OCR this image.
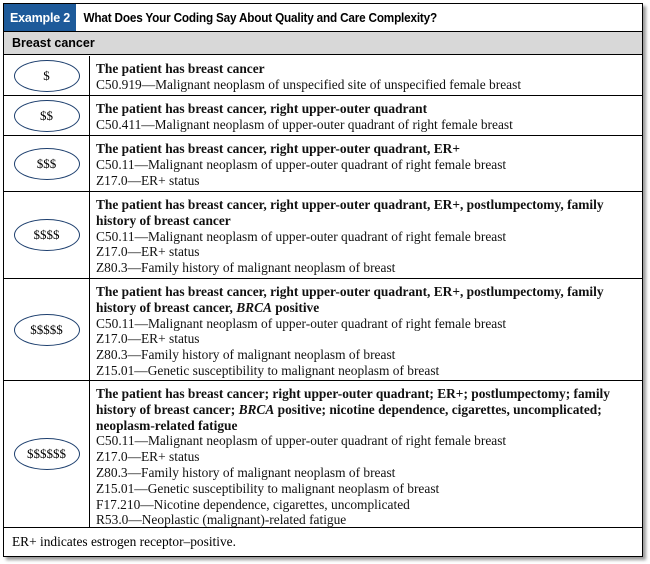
Example 2	What Does Your Coding Say About Quality and Care Complexity?
Breast cancer
$	The patient has breast cancer
C50.919—Malignant neoplasm of unspecified site of unspecified female breast
$$	The patient has breast cancer, right upper-outer quadrant
C50.411—Malignant neoplasm of upper-outer quadrant of right female breast
$$$
The patient has breast cancer, right upper-outer quadrant, ER+
C50.11—Malignant neoplasm of upper-outer quadrant of right female breast
Z17.0—ER+ status
$$$$
The patient has breast cancer, right upper-outer quadrant, ER+, postlumpectomy, family history of breast cancer
C50.11—Malignant neoplasm of upper-outer quadrant of right female breast
Z17.0—ER+ status
Z80.3—Family history of malignant neoplasm of breast
$$$$$
The patient has breast cancer, right upper-outer quadrant, ER+, postlumpectomy, family history of breast cancer, BRCA positive
C50.11—Malignant neoplasm of upper-outer quadrant of right female breast
Z17.0—ER+ status
Z80.3—Family history of malignant neoplasm of breast
Z15.01—Genetic susceptibility to malignant neoplasm of breast
$$$$$$
The patient has breast cancer; right upper-outer quadrant; ER+; postlumpectomy; family history of breast cancer; BRCA positive; nicotine dependence, cigarettes, uncomplicated; neoplasm-related fatigue
C50.11—Malignant neoplasm of upper-outer quadrant of right female breast
Z17.0—ER+ status
Z80.3—Family history of malignant neoplasm of breast
Z15.01—Genetic susceptibility to malignant neoplasm of breast
F17.210—Nicotine dependence, cigarettes, uncomplicated
R53.0—Neoplastic (malignant)-related fatigue
ER+ indicates estrogen receptor–positive.
